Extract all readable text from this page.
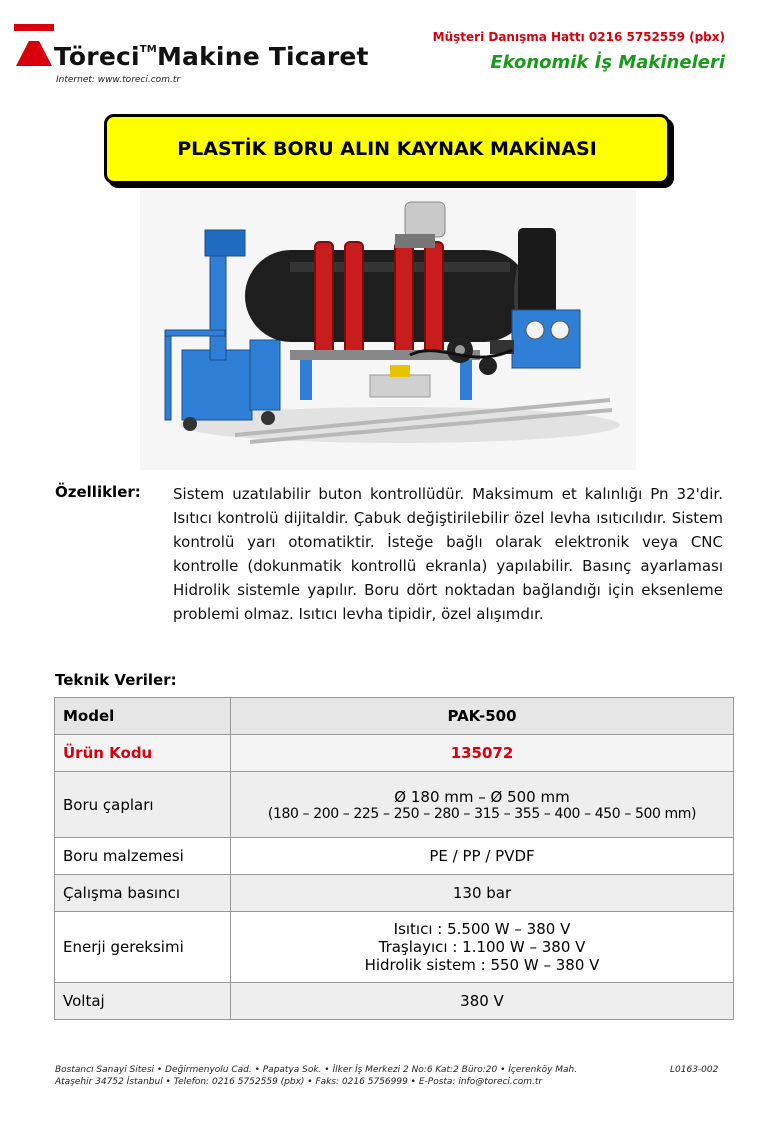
Töreci™Makine Ticaret
Internet: www.toreci.com.tr
Müşteri Danışma Hattı 0216 5752559 (pbx)
Ekonomik İş Makineleri
PLASTİK BORU ALIN KAYNAK MAKİNASI
Özellikler: Sistem uzatılabilir buton kontrollüdür. Maksimum et kalınlığı Pn 32'dir. Isıtıcı kontrolü dijitaldir. Çabuk değiştirilebilir özel levha ısıtıcılıdır. Sistem kontrolü yarı otomatiktir. İsteğe bağlı olarak elektronik veya CNC kontrolle (dokunmatik kontrollü ekranla) yapılabilir. Basınç ayarlaması Hidrolik sistemle yapılır. Boru dört noktadan bağlandığı için eksenleme problemi olmaz. Isıtıcı levha tipidir, özel alışımdır.
Teknik Veriler:
Model	PAK-500
Ürün Kodu	135072
Boru çapları	Ø 180 mm – Ø 500 mm
(180 – 200 – 225 – 250 – 280 – 315 – 355 – 400 – 450 – 500 mm)

Boru malzemesi	PE / PP / PVDF
Çalışma basıncı	130 bar
Enerji gereksimi	Isıtıcı : 5.500 W – 380 V
Traşlayıcı : 1.100 W – 380 V
Hidrolik sistem : 550 W – 380 V

Voltaj	380 V
Bostancı Sanayi Sitesi • Değirmenyolu Cad. • Papatya Sok. • İlker İş Merkezi 2 No:6 Kat:2 Büro:20 • İçerenköy Mah.
Ataşehir 34752 İstanbul • Telefon: 0216 5752559 (pbx) • Faks: 0216 5756999 • E-Posta: info@toreci.com.tr
L0163-002
